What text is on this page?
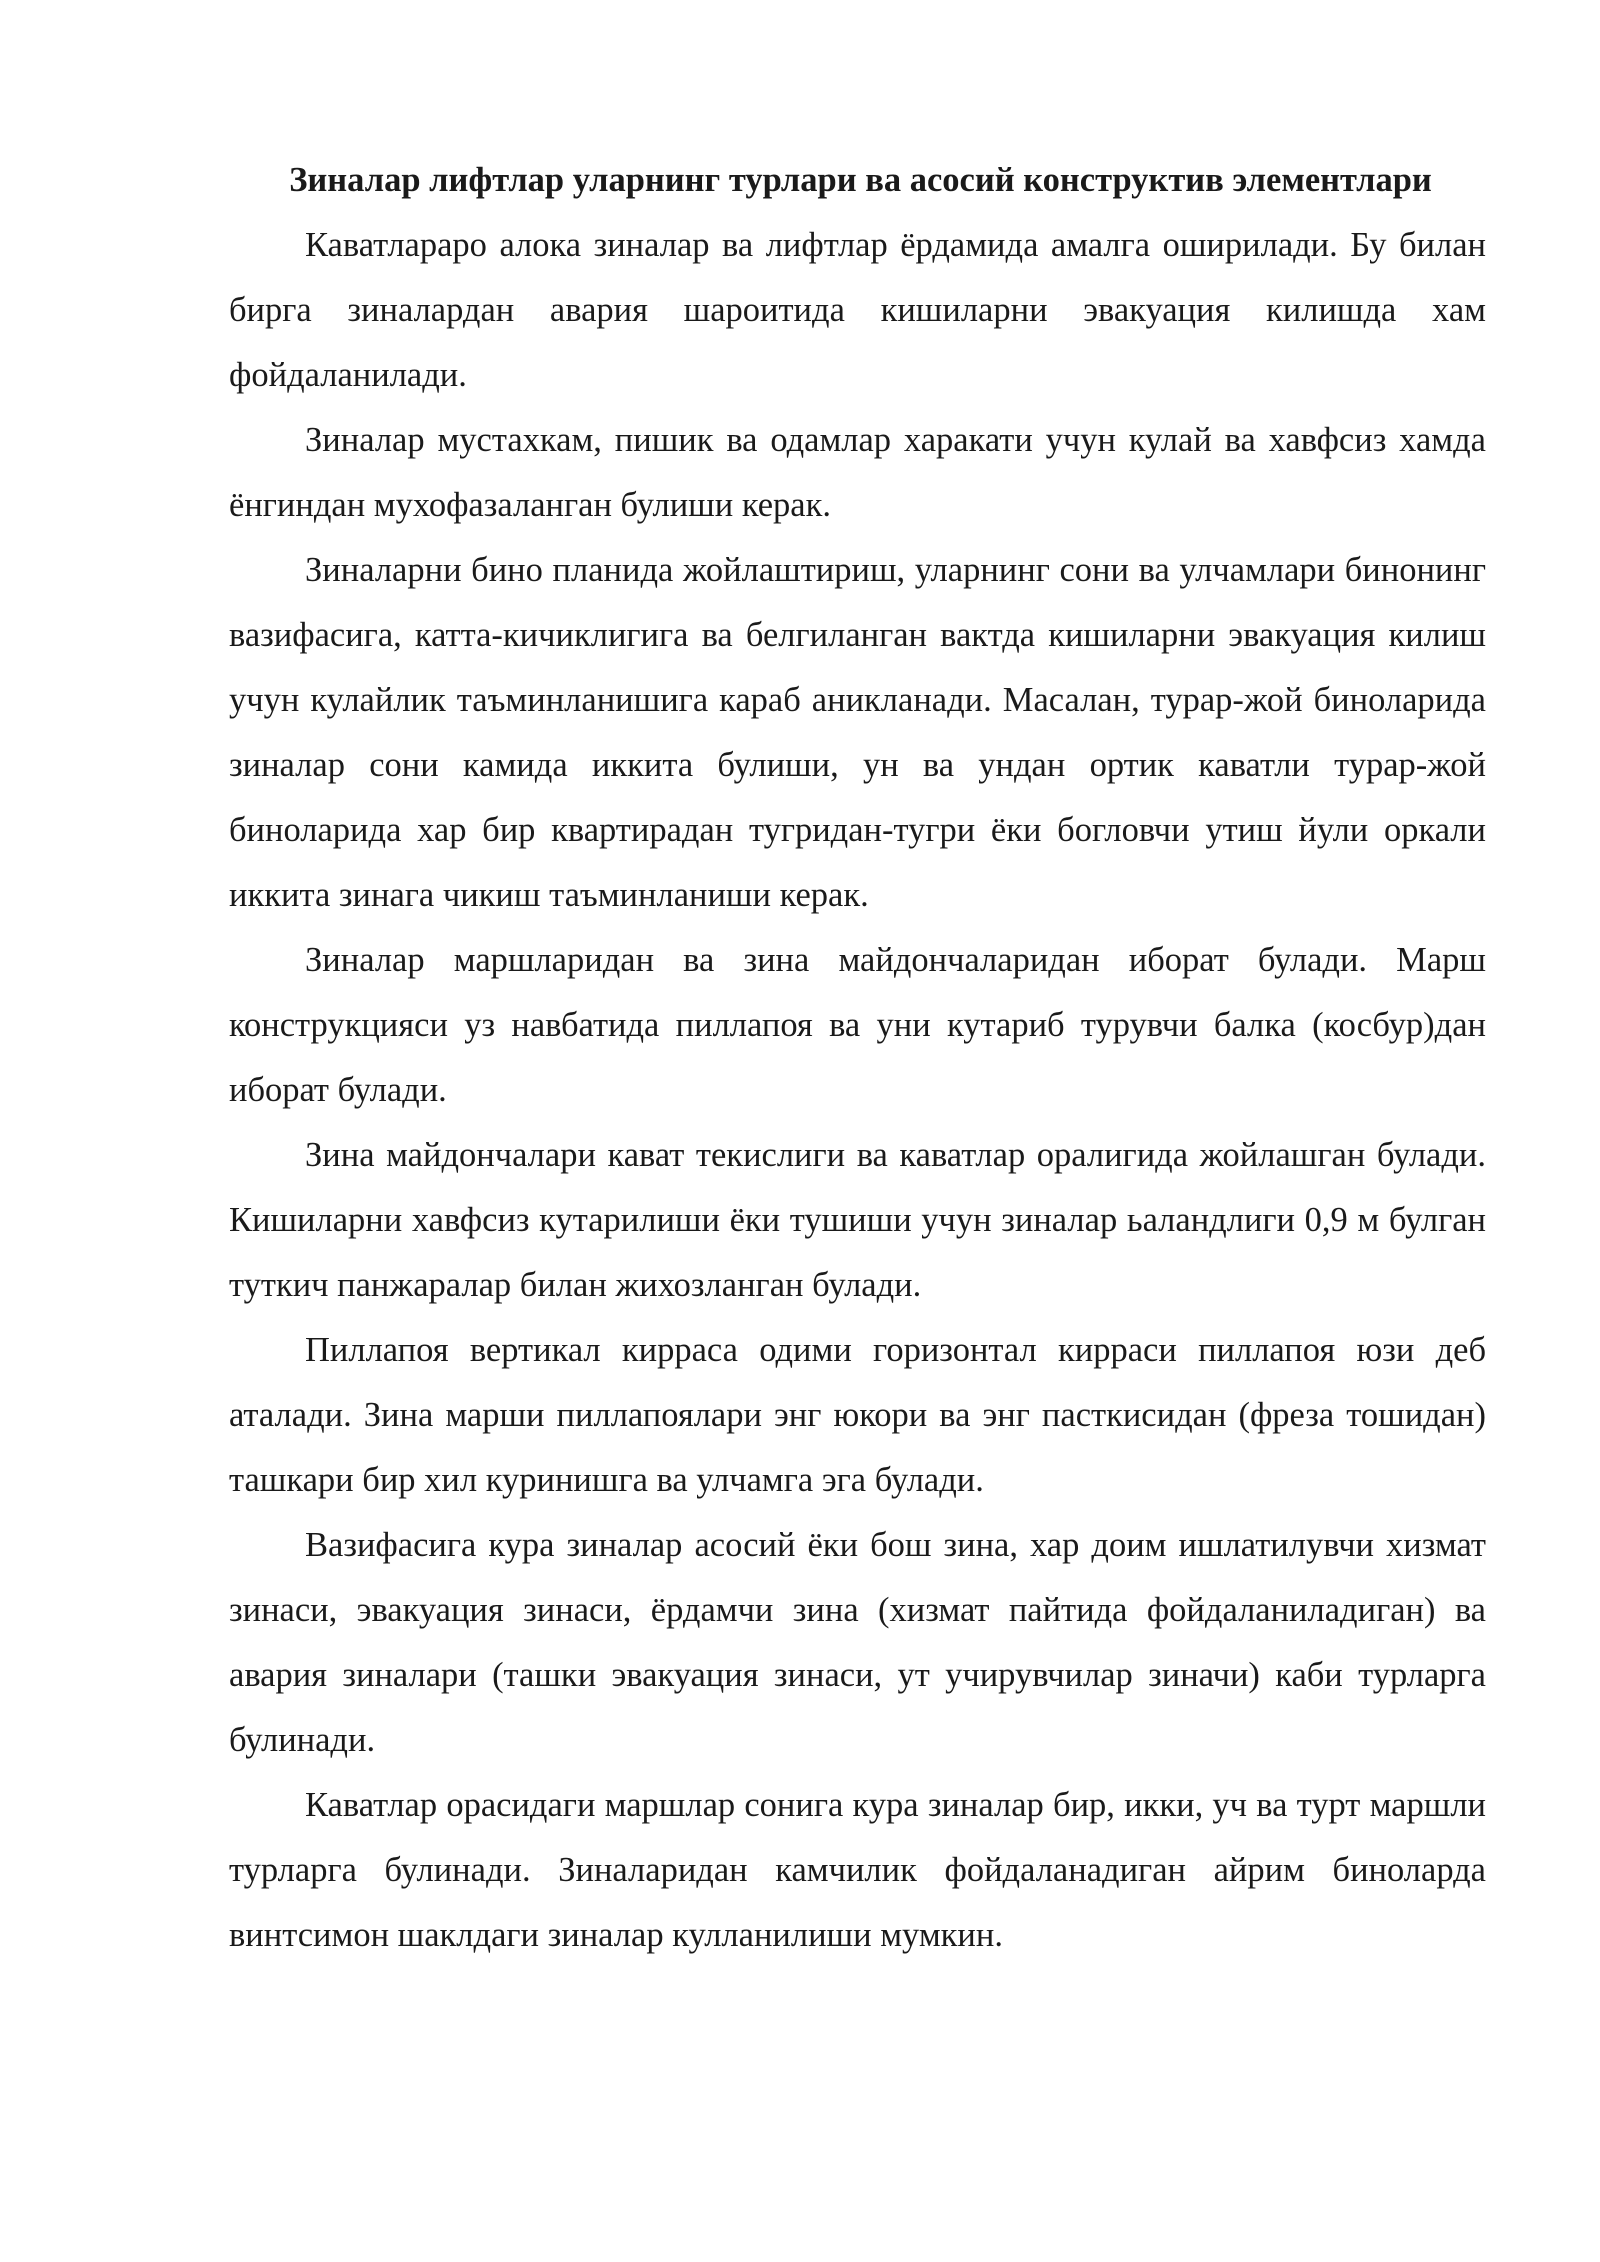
Зиналар лифтлар уларнинг турлари ва асосий конструктив элементлари

Каватлараро алока зиналар ва лифтлар ёрдамида амалга оширилади. Бу билан бирга зиналардан авария шароитида кишиларни эвакуация килишда хам фойдаланилади.

Зиналар мустахкам, пишик ва одамлар харакати учун кулай ва хавфсиз хамда ёнгиндан мухофазаланган булиши керак.

Зиналарни бино планида жойлаштириш, уларнинг сони ва улчамлари бинонинг вазифасига, катта-кичиклигига ва белгиланган вактда кишиларни эвакуация килиш учун кулайлик таъминланишига караб аникланади. Масалан, турар-жой биноларида зиналар сони камида иккита булиши, ун ва ундан ортик каватли турар-жой биноларида хар бир квартирадан тугридан-тугри ёки богловчи утиш йули оркали иккита зинага чикиш таъминланиши керак.

Зиналар маршларидан ва зина майдончаларидан иборат булади. Марш конструкцияси уз навбатида пиллапоя ва уни кутариб турувчи балка (косбур)дан иборат булади.

Зина майдончалари кават текислиги ва каватлар оралигида жойлашган булади. Кишиларни хавфсиз кутарилиши ёки тушиши учун зиналар ьаландлиги 0,9 м булган туткич панжаралар билан жихозланган булади.

Пиллапоя вертикал кирраса одими горизонтал кирраси пиллапоя юзи деб аталади. Зина марши пиллапоялари энг юкори ва энг пасткисидан (фреза тошидан) ташкари бир хил куринишга ва улчамга эга булади.

Вазифасига кура зиналар асосий ёки бош зина, хар доим ишлатилувчи хизмат зинаси, эвакуация зинаси, ёрдамчи зина (хизмат пайтида фойдаланиладиган) ва авария зиналари (ташки эвакуация зинаси, ут учирувчилар зиначи) каби турларга булинади.

Каватлар орасидаги маршлар сонига кура зиналар бир, икки, уч ва турт маршли турларга булинади. Зиналаридан камчилик фойдаланадиган айрим биноларда винтсимон шаклдаги зиналар кулланилиши мумкин.
